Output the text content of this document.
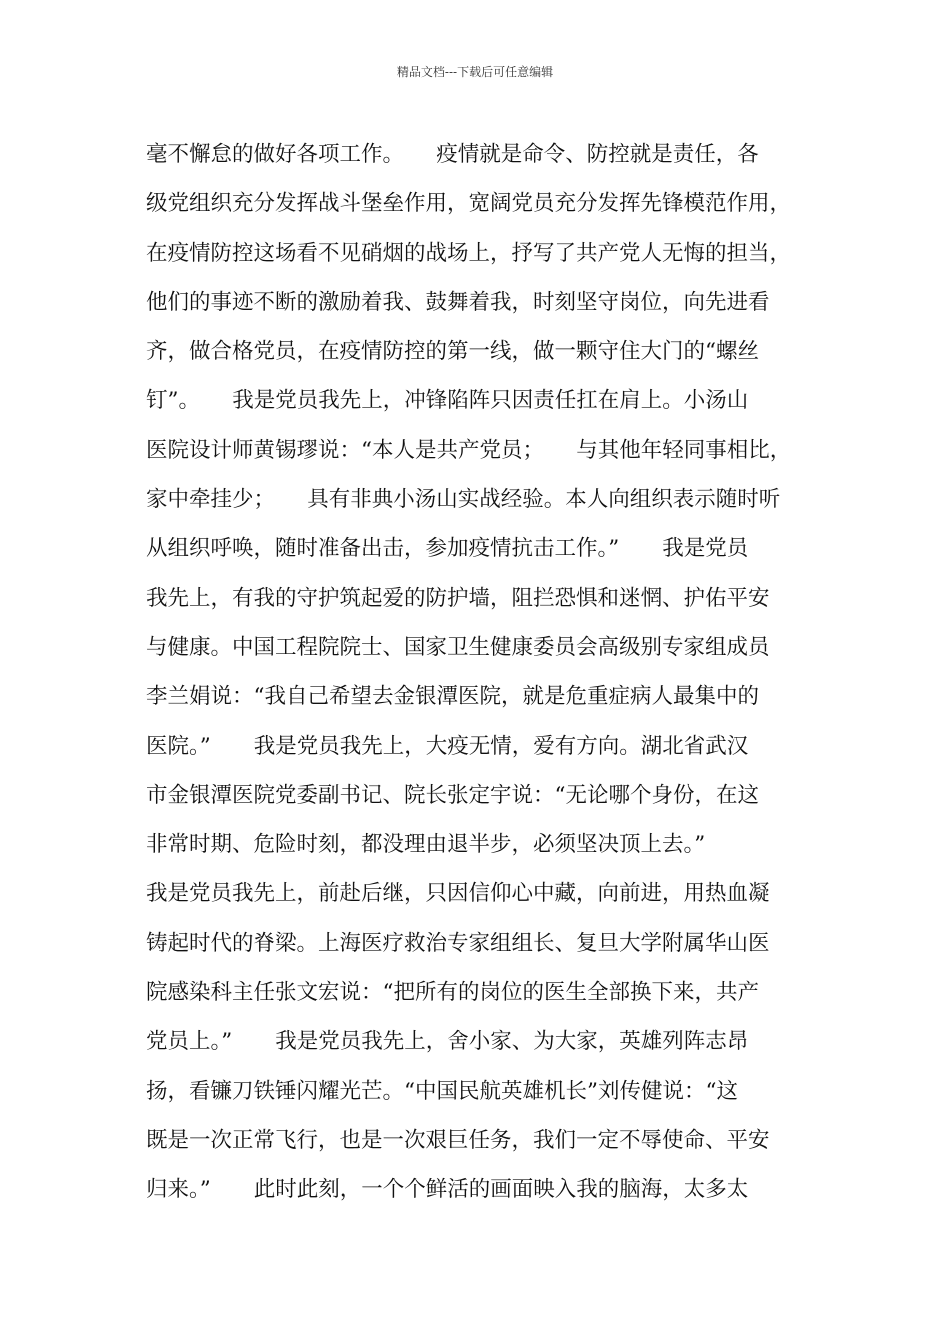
精品文档---下载后可任意编辑
毫不懈怠的做好各项工作。　　疫情就是命令、防控就是责任，各
级党组织充分发挥战斗堡垒作用，宽阔党员充分发挥先锋模范作用，
在疫情防控这场看不见硝烟的战场上，抒写了共产党人无悔的担当，
他们的事迹不断的激励着我、鼓舞着我，时刻坚守岗位，向先进看
齐，做合格党员，在疫情防控的第一线，做一颗守住大门的“螺丝
钉”。　　我是党员我先上，冲锋陷阵只因责任扛在肩上。小汤山
医院设计师黄锡璆说：“本人是共产党员；　　与其他年轻同事相比，
家中牵挂少；　　具有非典小汤山实战经验。本人向组织表示随时听
从组织呼唤，随时准备出击，参加疫情抗击工作。”　　我是党员
我先上，有我的守护筑起爱的防护墙，阻拦恐惧和迷惘、护佑平安
与健康。中国工程院院士、国家卫生健康委员会高级别专家组成员
李兰娟说：“我自己希望去金银潭医院，就是危重症病人最集中的
医院。”　　我是党员我先上，大疫无情，爱有方向。湖北省武汉
市金银潭医院党委副书记、院长张定宇说：“无论哪个身份，在这
非常时期、危险时刻，都没理由退半步，必须坚决顶上去。”
我是党员我先上，前赴后继，只因信仰心中藏，向前进，用热血凝
铸起时代的脊梁。上海医疗救治专家组组长、复旦大学附属华山医
院感染科主任张文宏说：“把所有的岗位的医生全部换下来，共产
党员上。”　　我是党员我先上，舍小家、为大家，英雄列阵志昂
扬，看镰刀铁锤闪耀光芒。“中国民航英雄机长”刘传健说：“这
既是一次正常飞行，也是一次艰巨任务，我们一定不辱使命、平安
归来。”　　此时此刻，一个个鲜活的画面映入我的脑海，太多太
